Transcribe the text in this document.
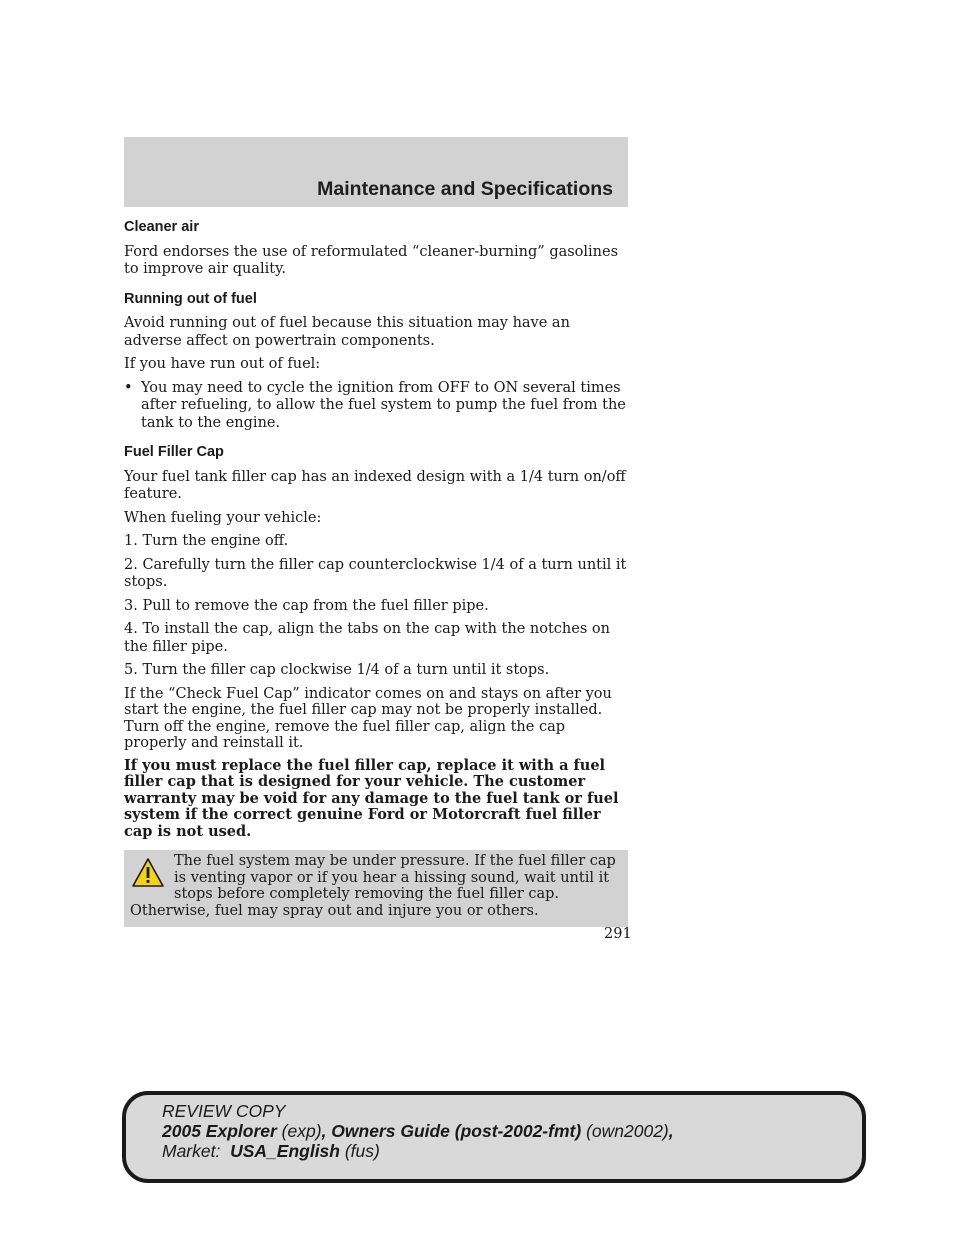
Maintenance and Specifications
Cleaner air

Ford endorses the use of reformulated “cleaner-burning” gasolines to improve air quality.

Running out of fuel

Avoid running out of fuel because this situation may have an adverse affect on powertrain components.

If you have run out of fuel:

• You may need to cycle the ignition from OFF to ON several times after refueling, to allow the fuel system to pump the fuel from the tank to the engine.
Fuel Filler Cap

Your fuel tank filler cap has an indexed design with a 1/4 turn on/off feature.

When fueling your vehicle:

1. Turn the engine off.

2. Carefully turn the filler cap counterclockwise 1/4 of a turn until it stops.

3. Pull to remove the cap from the fuel filler pipe.

4. To install the cap, align the tabs on the cap with the notches on the filler pipe.

5. Turn the filler cap clockwise 1/4 of a turn until it stops.

If the “Check Fuel Cap” indicator comes on and stays on after you start the engine, the fuel filler cap may not be properly installed. Turn off the engine, remove the fuel filler cap, align the cap properly and reinstall it.

If you must replace the fuel filler cap, replace it with a fuel filler cap that is designed for your vehicle. The customer warranty may be void for any damage to the fuel tank or fuel system if the correct genuine Ford or Motorcraft fuel filler cap is not used.

The fuel system may be under pressure. If the fuel filler cap is venting vapor or if you hear a hissing sound, wait until it stops before completely removing the fuel filler cap. Otherwise, fuel may spray out and injure you or others.
291
REVIEW COPY
2005 Explorer (exp), Owners Guide (post-2002-fmt) (own2002),
Market: USA_English (fus)
